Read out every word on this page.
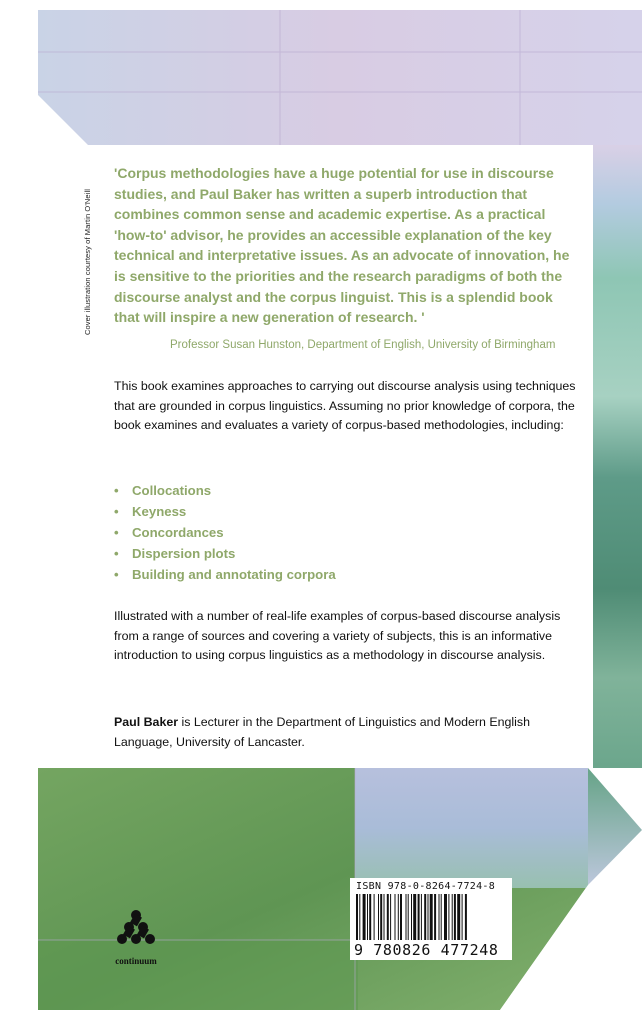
Cover illustration courtesy of Martin O'Neill

'Corpus methodologies have a huge potential for use in discourse studies, and Paul Baker has written a superb introduction that combines common sense and academic expertise. As a practical 'how-to' advisor, he provides an accessible explanation of the key technical and interpretative issues. As an advocate of innovation, he is sensitive to the priorities and the research paradigms of both the discourse analyst and the corpus linguist. This is a splendid book that will inspire a new generation of research. '

Professor Susan Hunston, Department of English, University of Birmingham

This book examines approaches to carrying out discourse analysis using techniques that are grounded in corpus linguistics. Assuming no prior knowledge of corpora, the book examines and evaluates a variety of corpus-based methodologies, including:

• Collocations
• Keyness
• Concordances
• Dispersion plots
• Building and annotating corpora

Illustrated with a number of real-life examples of corpus-based discourse analysis from a range of sources and covering a variety of subjects, this is an informative introduction to using corpus linguistics as a methodology in discourse analysis.

Paul Baker is Lecturer in the Department of Linguistics and Modern English Language, University of Lancaster.

continuum
ISBN 978-0-8264-7724-8
9 780826 477248
